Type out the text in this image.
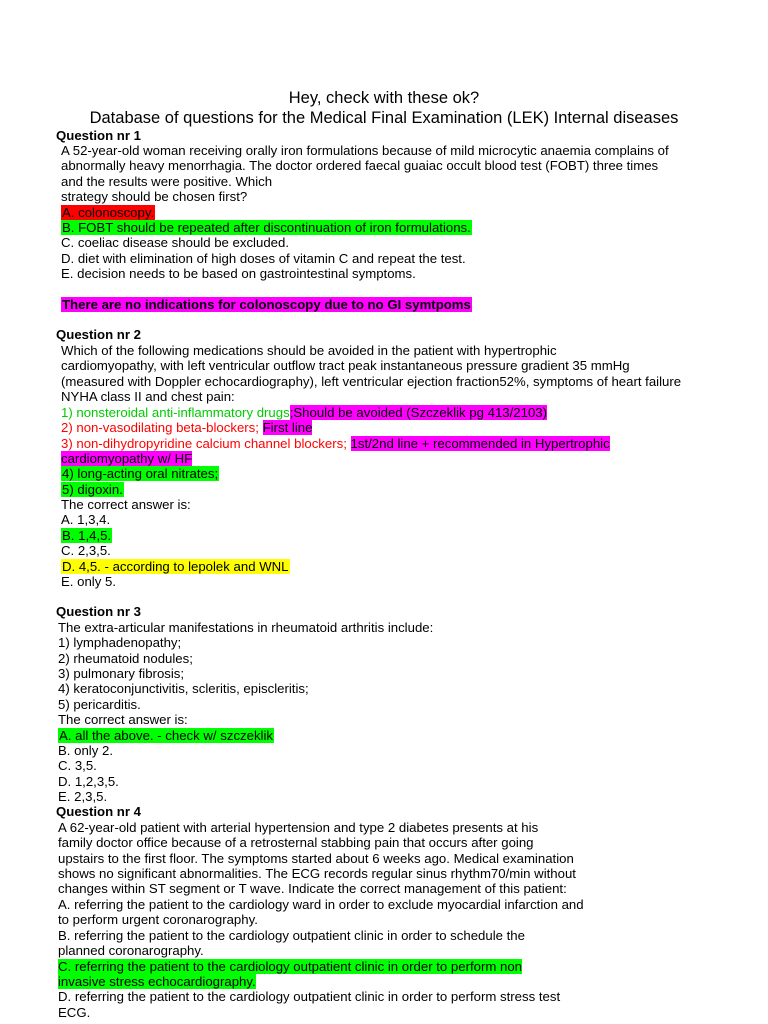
Hey, check with these ok?
Database of questions for the Medical Final Examination (LEK) Internal diseases
Question nr 1
A 52-year-old woman receiving orally iron formulations because of mild microcytic anaemia complains of
abnormally heavy menorrhagia. The doctor ordered faecal guaiac occult blood test (FOBT) three times
and the results were positive. Which
strategy should be chosen first?
A. colonoscopy.
B. FOBT should be repeated after discontinuation of iron formulations.
C. coeliac disease should be excluded.
D. diet with elimination of high doses of vitamin C and repeat the test.
E. decision needs to be based on gastrointestinal symptoms.
There are no indications for colonoscopy due to no GI symtpoms
Question nr 2
Which of the following medications should be avoided in the patient with hypertrophic
cardiomyopathy, with left ventricular outflow tract peak instantaneous pressure gradient 35 mmHg
(measured with Doppler echocardiography), left ventricular ejection fraction52%, symptoms of heart failure
NYHA class II and chest pain:
1) nonsteroidal anti-inflammatory drugs;Should be avoided (Szczeklik pg 413/2103)
2) non-vasodilating beta-blockers; First line
3) non-dihydropyridine calcium channel blockers; 1st/2nd line + recommended in Hypertrophic
cardiomyopathy w/ HF
4) long-acting oral nitrates;
5) digoxin.
The correct answer is:
A. 1,3,4.
B. 1,4,5.
C. 2,3,5.
D. 4,5. - according to lepolek and WNL
E. only 5.
Question nr 3
The extra-articular manifestations in rheumatoid arthritis include:
1) lymphadenopathy;
2) rheumatoid nodules;
3) pulmonary fibrosis;
4) keratoconjunctivitis, scleritis, episcleritis;
5) pericarditis.
The correct answer is:
A. all the above. - check w/ szczeklik
B. only 2.
C. 3,5.
D. 1,2,3,5.
E. 2,3,5.
Question nr 4
A 62-year-old patient with arterial hypertension and type 2 diabetes presents at his
family doctor office because of a retrosternal stabbing pain that occurs after going
upstairs to the first floor. The symptoms started about 6 weeks ago. Medical examination
shows no significant abnormalities. The ECG records regular sinus rhythm70/min without
changes within ST segment or T wave. Indicate the correct management of this patient:
A. referring the patient to the cardiology ward in order to exclude myocardial infarction and
to perform urgent coronarography.
B. referring the patient to the cardiology outpatient clinic in order to schedule the
planned coronarography.
C. referring the patient to the cardiology outpatient clinic in order to perform non
invasive stress echocardiography.
D. referring the patient to the cardiology outpatient clinic in order to perform stress test
ECG.
